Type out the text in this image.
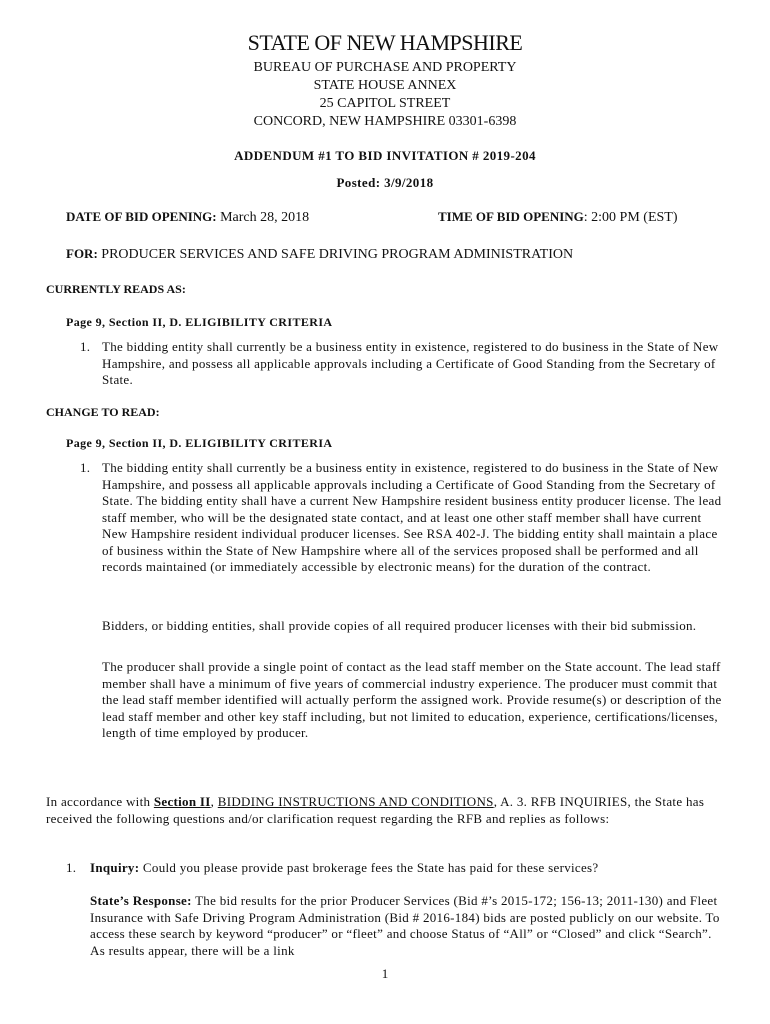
STATE OF NEW HAMPSHIRE
BUREAU OF PURCHASE AND PROPERTY
STATE HOUSE ANNEX
25 CAPITOL STREET
CONCORD, NEW HAMPSHIRE 03301-6398
ADDENDUM #1 TO BID INVITATION # 2019-204
Posted: 3/9/2018
DATE OF BID OPENING: March 28, 2018	TIME OF BID OPENING: 2:00 PM (EST)
FOR: PRODUCER SERVICES AND SAFE DRIVING PROGRAM ADMINISTRATION
CURRENTLY READS AS:
Page 9, Section II, D. ELIGIBILITY CRITERIA
1. The bidding entity shall currently be a business entity in existence, registered to do business in the State of New Hampshire, and possess all applicable approvals including a Certificate of Good Standing from the Secretary of State.
CHANGE TO READ:
Page 9, Section II, D. ELIGIBILITY CRITERIA
1. The bidding entity shall currently be a business entity in existence, registered to do business in the State of New Hampshire, and possess all applicable approvals including a Certificate of Good Standing from the Secretary of State. The bidding entity shall have a current New Hampshire resident business entity producer license. The lead staff member, who will be the designated state contact, and at least one other staff member shall have current New Hampshire resident individual producer licenses. See RSA 402-J. The bidding entity shall maintain a place of business within the State of New Hampshire where all of the services proposed shall be performed and all records maintained (or immediately accessible by electronic means) for the duration of the contract.
Bidders, or bidding entities, shall provide copies of all required producer licenses with their bid submission.
The producer shall provide a single point of contact as the lead staff member on the State account. The lead staff member shall have a minimum of five years of commercial industry experience. The producer must commit that the lead staff member identified will actually perform the assigned work. Provide resume(s) or description of the lead staff member and other key staff including, but not limited to education, experience, certifications/licenses, length of time employed by producer.
In accordance with Section II, BIDDING INSTRUCTIONS AND CONDITIONS, A. 3. RFB INQUIRIES, the State has received the following questions and/or clarification request regarding the RFB and replies as follows:
1. Inquiry: Could you please provide past brokerage fees the State has paid for these services?
State’s Response: The bid results for the prior Producer Services (Bid #’s 2015-172; 156-13; 2011-130) and Fleet Insurance with Safe Driving Program Administration (Bid # 2016-184) bids are posted publicly on our website. To access these search by keyword “producer” or “fleet” and choose Status of “All” or “Closed” and click “Search”. As results appear, there will be a link
1
